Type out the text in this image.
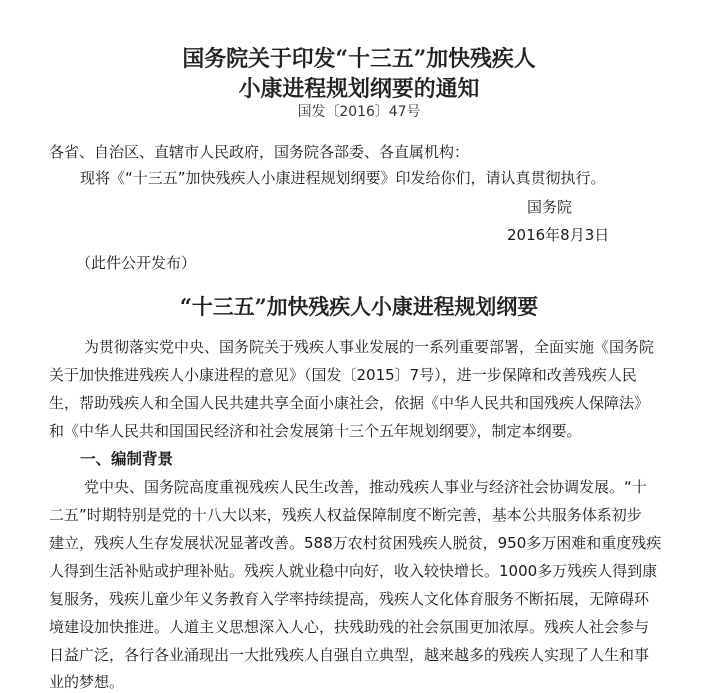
国务院关于印发“十三五”加快残疾人
小康进程规划纲要的通知
国发〔2016〕47号
各省、自治区、直辖市人民政府，国务院各部委、各直属机构：
现将《“十三五”加快残疾人小康进程规划纲要》印发给你们，请认真贯彻执行。
国务院
2016年8月3日
（此件公开发布）
“十三五”加快残疾人小康进程规划纲要
为贯彻落实党中央、国务院关于残疾人事业发展的一系列重要部署，全面实施《国务院
关于加快推进残疾人小康进程的意见》（国发〔2015〕7号），进一步保障和改善残疾人民
生，帮助残疾人和全国人民共建共享全面小康社会，依据《中华人民共和国残疾人保障法》
和《中华人民共和国国民经济和社会发展第十三个五年规划纲要》，制定本纲要。
一、编制背景
党中央、国务院高度重视残疾人民生改善，推动残疾人事业与经济社会协调发展。“十
二五”时期特别是党的十八大以来，残疾人权益保障制度不断完善，基本公共服务体系初步
建立，残疾人生存发展状况显著改善。588万农村贫困残疾人脱贫，950多万困难和重度残疾
人得到生活补贴或护理补贴。残疾人就业稳中向好，收入较快增长。1000多万残疾人得到康
复服务，残疾儿童少年义务教育入学率持续提高，残疾人文化体育服务不断拓展，无障碍环
境建设加快推进。人道主义思想深入人心，扶残助残的社会氛围更加浓厚。残疾人社会参与
日益广泛，各行各业涌现出一大批残疾人自强自立典型，越来越多的残疾人实现了人生和事
业的梦想。
